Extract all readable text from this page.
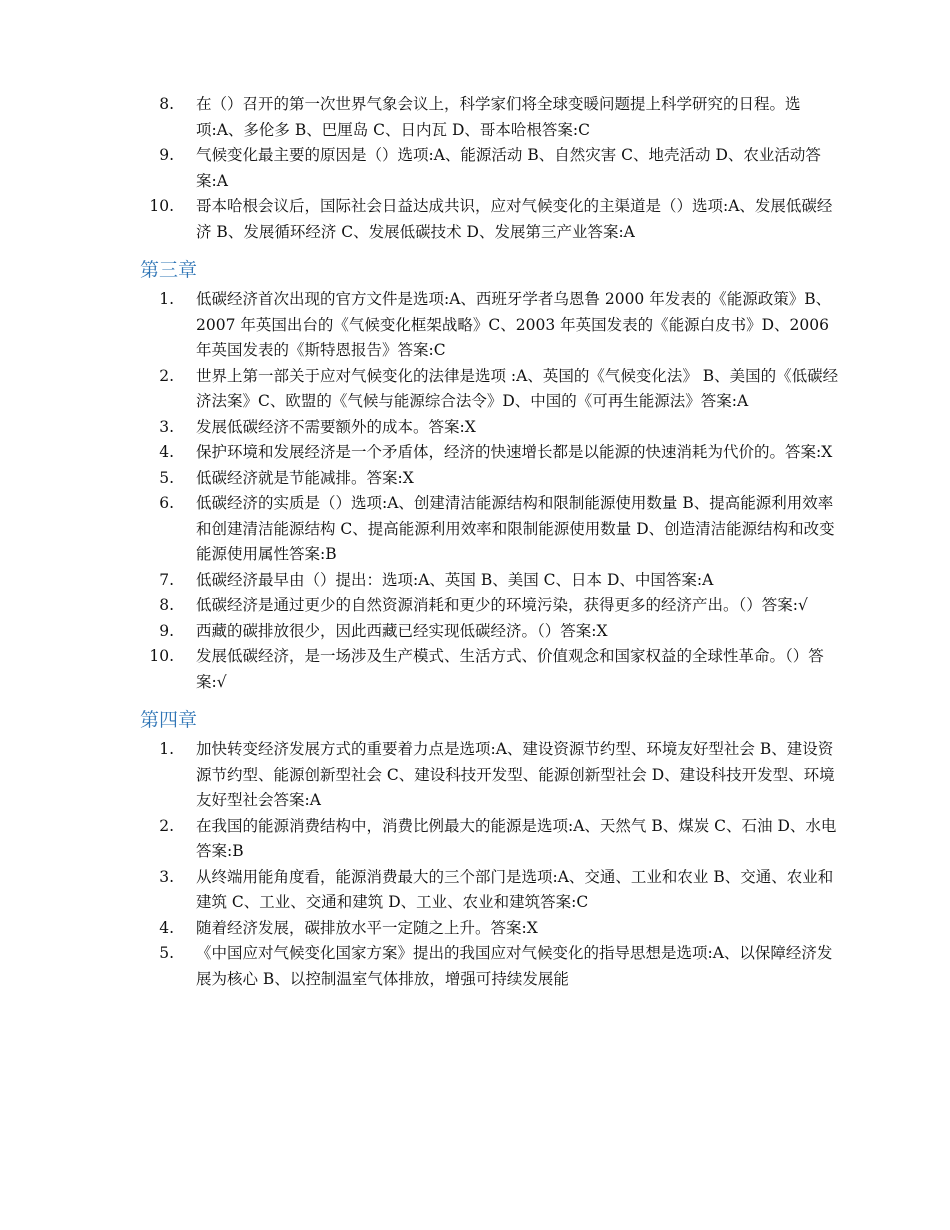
8. 在（）召开的第一次世界气象会议上，科学家们将全球变暖问题提上科学研究的日程。选项:A、多伦多 B、巴厘岛 C、日内瓦 D、哥本哈根答案:C
9. 气候变化最主要的原因是（）选项:A、能源活动 B、自然灾害 C、地壳活动 D、农业活动答案:A
10. 哥本哈根会议后，国际社会日益达成共识，应对气候变化的主渠道是（）选项:A、发展低碳经济 B、发展循环经济 C、发展低碳技术 D、发展第三产业答案:A
第三章
1. 低碳经济首次出现的官方文件是选项:A、西班牙学者乌恩鲁 2000 年发表的《能源政策》B、2007 年英国出台的《气候变化框架战略》C、2003 年英国发表的《能源白皮书》D、2006 年英国发表的《斯特恩报告》答案:C
2. 世界上第一部关于应对气候变化的法律是选项 :A、英国的《气候变化法》 B、美国的《低碳经济法案》C、欧盟的《气候与能源综合法令》D、中国的《可再生能源法》答案:A
3. 发展低碳经济不需要额外的成本。答案:X
4. 保护环境和发展经济是一个矛盾体，经济的快速增长都是以能源的快速消耗为代价的。答案:X
5. 低碳经济就是节能减排。答案:X
6. 低碳经济的实质是（）选项:A、创建清洁能源结构和限制能源使用数量 B、提高能源利用效率和创建清洁能源结构 C、提高能源利用效率和限制能源使用数量 D、创造清洁能源结构和改变能源使用属性答案:B
7. 低碳经济最早由（）提出：选项:A、英国 B、美国 C、日本 D、中国答案:A
8. 低碳经济是通过更少的自然资源消耗和更少的环境污染，获得更多的经济产出。（）答案:√
9. 西藏的碳排放很少，因此西藏已经实现低碳经济。（）答案:X
10. 发展低碳经济，是一场涉及生产模式、生活方式、价值观念和国家权益的全球性革命。（）答案:√
第四章
1. 加快转变经济发展方式的重要着力点是选项:A、建设资源节约型、环境友好型社会 B、建设资源节约型、能源创新型社会 C、建设科技开发型、能源创新型社会 D、建设科技开发型、环境友好型社会答案:A
2. 在我国的能源消费结构中，消费比例最大的能源是选项:A、天然气 B、煤炭 C、石油 D、水电答案:B
3. 从终端用能角度看，能源消费最大的三个部门是选项:A、交通、工业和农业 B、交通、农业和建筑 C、工业、交通和建筑 D、工业、农业和建筑答案:C
4. 随着经济发展，碳排放水平一定随之上升。答案:X
5. 《中国应对气候变化国家方案》提出的我国应对气候变化的指导思想是选项:A、以保障经济发展为核心 B、以控制温室气体排放，增强可持续发展能
